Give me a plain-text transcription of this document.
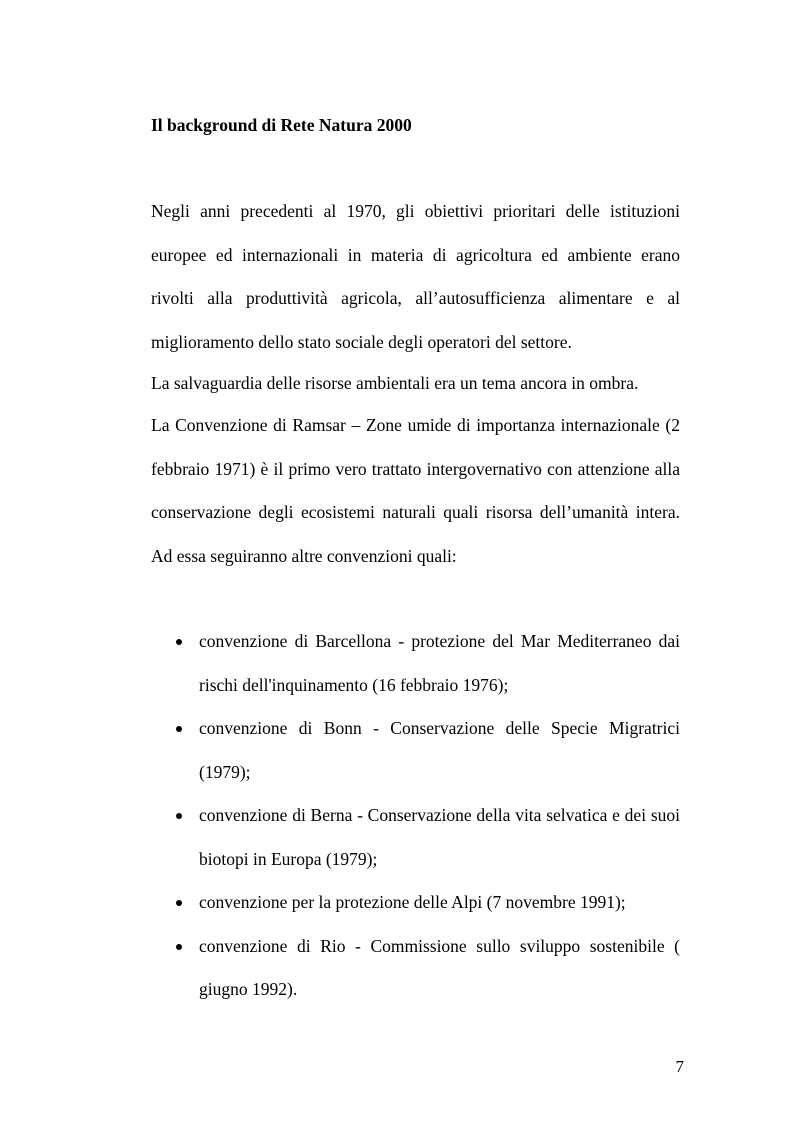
Il background di Rete Natura 2000

Negli anni precedenti al 1970, gli obiettivi prioritari delle istituzioni europee ed internazionali in materia di agricoltura ed ambiente erano rivolti alla produttività agricola, all’autosufficienza alimentare e al miglioramento dello stato sociale degli operatori del settore.

La salvaguardia delle risorse ambientali era un tema ancora in ombra.

La Convenzione di Ramsar – Zone umide di importanza internazionale (2 febbraio 1971) è il primo vero trattato intergovernativo con attenzione alla conservazione degli ecosistemi naturali quali risorsa dell’umanità intera. Ad essa seguiranno altre convenzioni quali:

convenzione di Barcellona - protezione del Mar Mediterraneo dai rischi dell'inquinamento (16 febbraio 1976);
convenzione di Bonn - Conservazione delle Specie Migratrici (1979);
convenzione di Berna - Conservazione della vita selvatica e dei suoi biotopi in Europa (1979);
convenzione per la protezione delle Alpi (7 novembre 1991);
convenzione di Rio - Commissione sullo sviluppo sostenibile ( giugno 1992).
7
